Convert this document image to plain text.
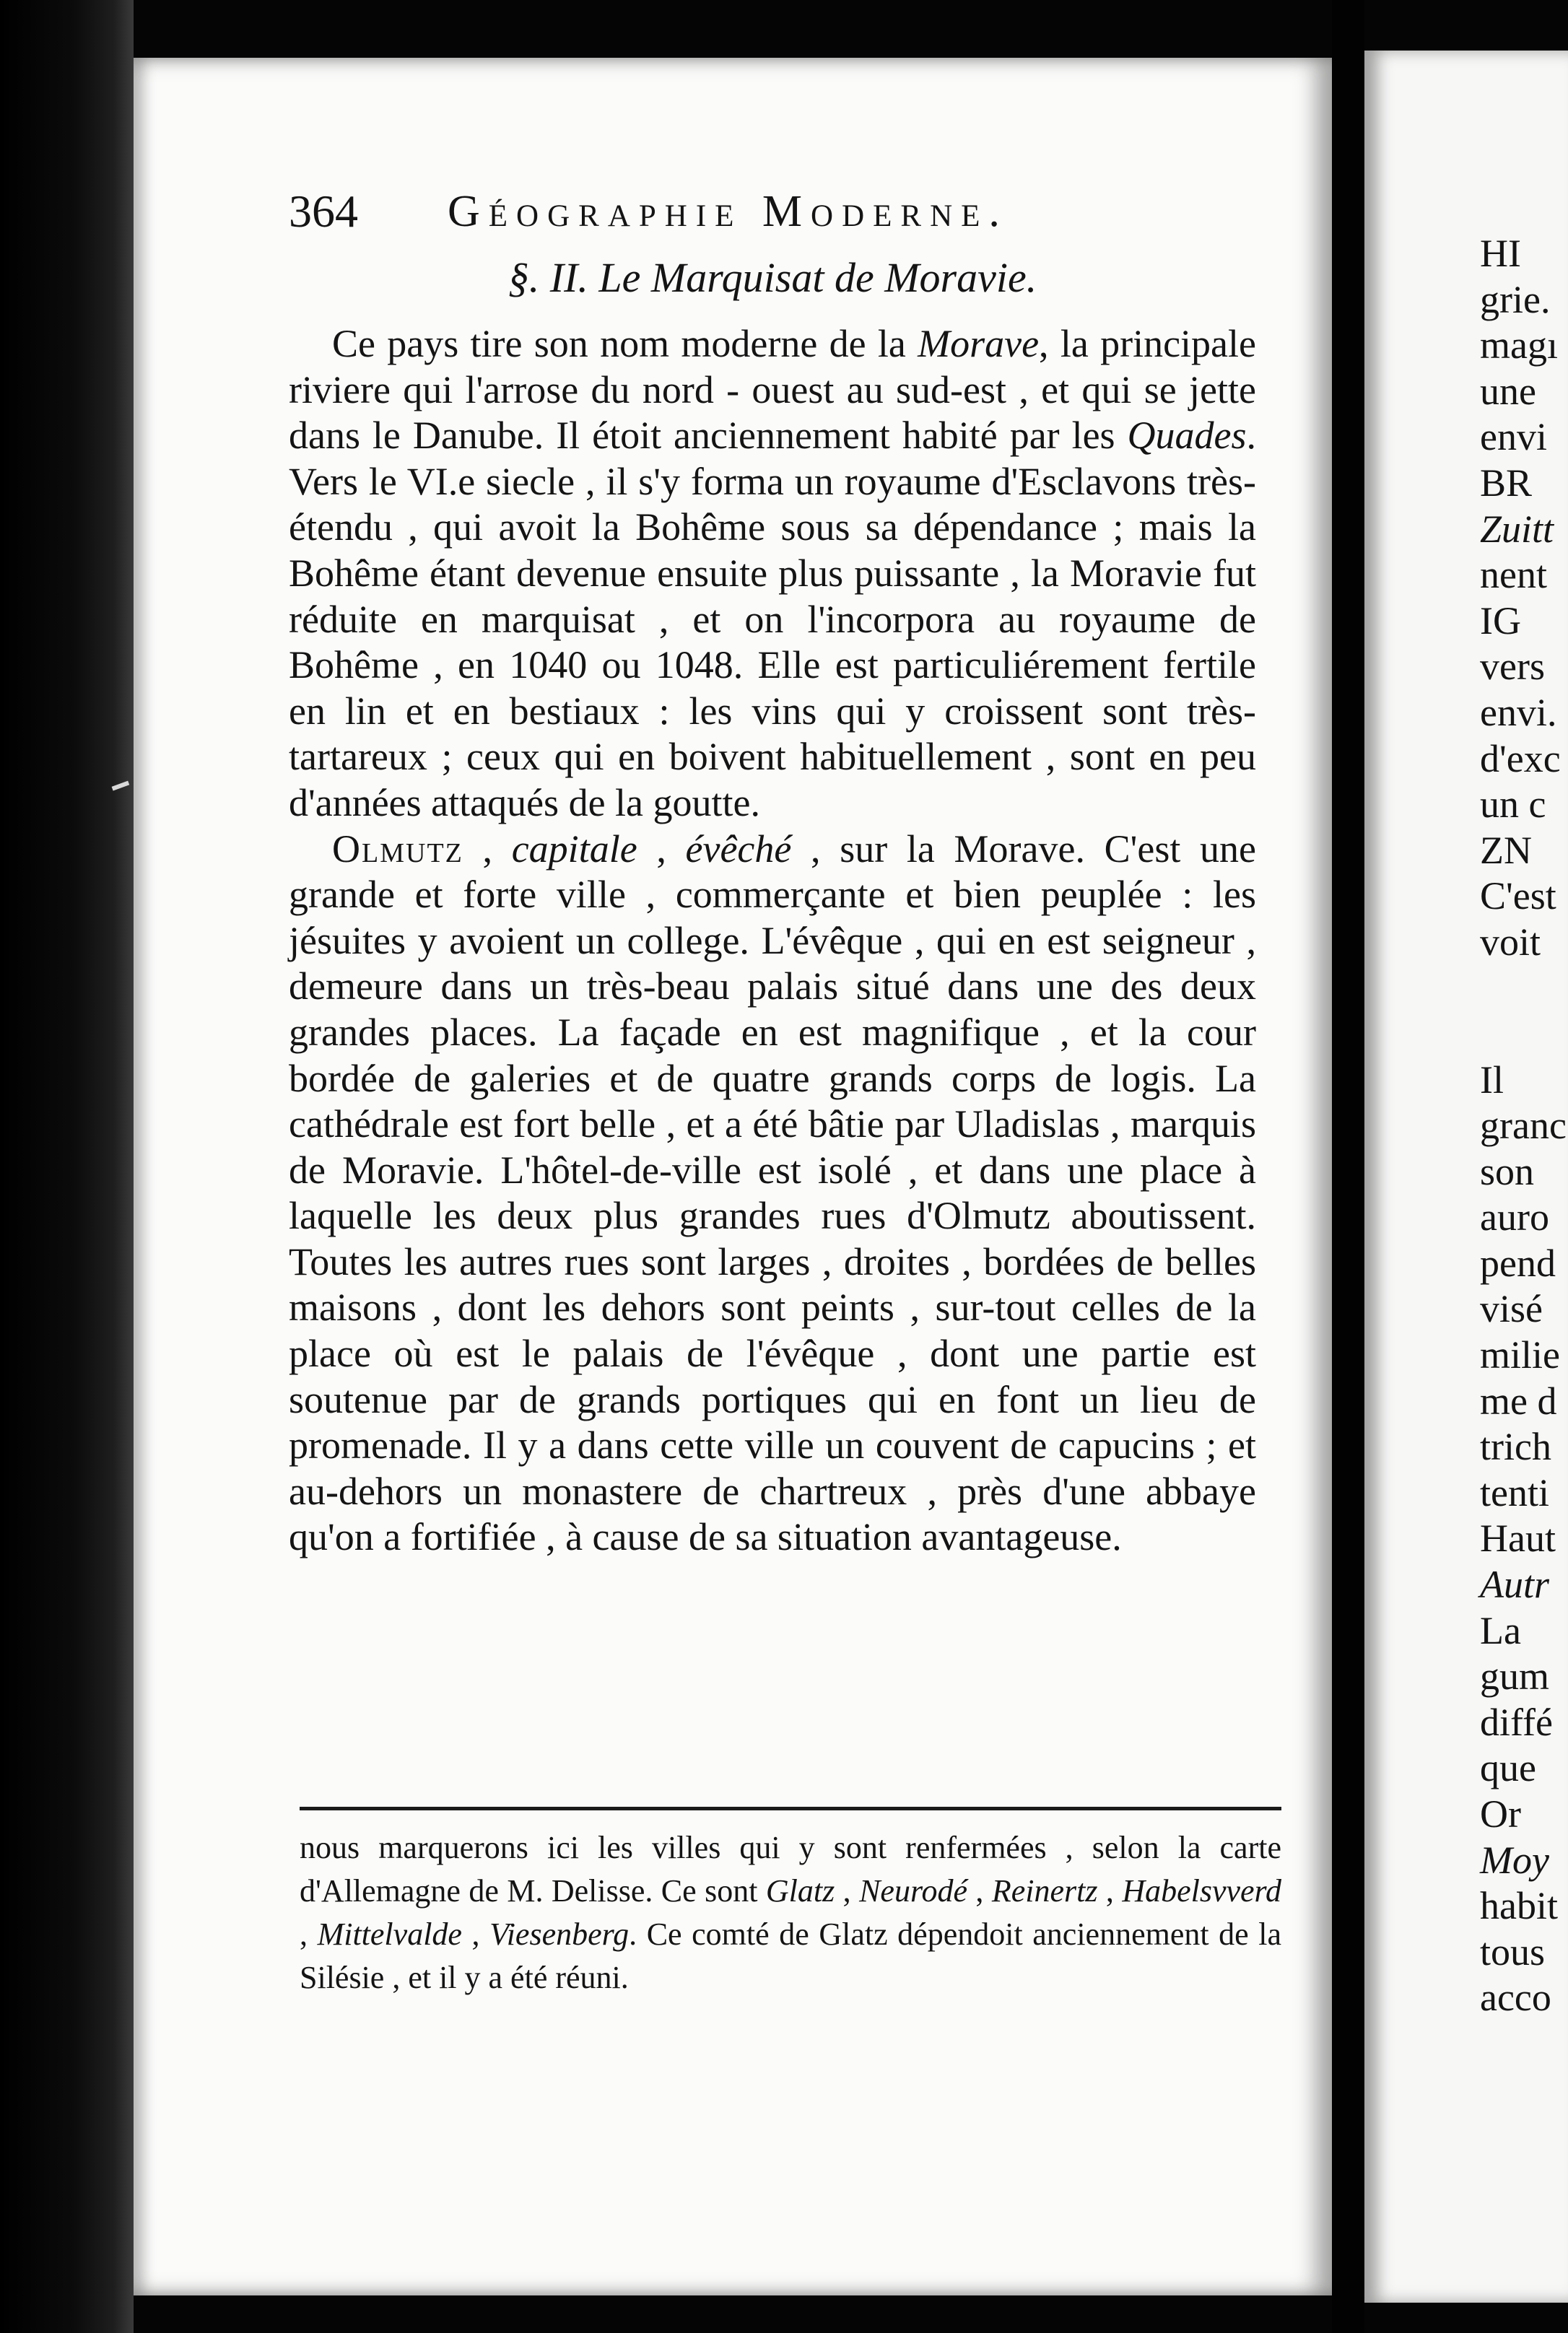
364 Géographie Moderne.
§. II. Le Marquisat de Moravie.

Ce pays tire son nom moderne de la Morave, la principale riviere qui l'arrose du nord - ouest au sud-est , et qui se jette dans le Danube. Il étoit anciennement habité par les Quades. Vers le VI.e siecle , il s'y forma un royaume d'Esclavons très-étendu , qui avoit la Bohême sous sa dépendance ; mais la Bohême étant devenue ensuite plus puissante , la Moravie fut réduite en marquisat , et on l'incorpora au royaume de Bohême , en 1040 ou 1048. Elle est particuliérement fertile en lin et en bestiaux : les vins qui y croissent sont très-tartareux ; ceux qui en boivent habituellement , sont en peu d'années attaqués de la goutte.

Olmutz , capitale , évêché , sur la Morave. C'est une grande et forte ville , commerçante et bien peuplée : les jésuites y avoient un college. L'évêque , qui en est seigneur , demeure dans un très-beau palais situé dans une des deux grandes places. La façade en est magnifique , et la cour bordée de galeries et de quatre grands corps de logis. La cathédrale est fort belle , et a été bâtie par Uladislas , marquis de Moravie. L'hôtel-de-ville est isolé , et dans une place à laquelle les deux plus grandes rues d'Olmutz aboutissent. Toutes les autres rues sont larges , droites , bordées de belles maisons , dont les dehors sont peints , sur-tout celles de la place où est le palais de l'évêque , dont une partie est soutenue par de grands portiques qui en font un lieu de promenade. Il y a dans cette ville un couvent de capucins ; et au-dehors un monastere de chartreux , près d'une abbaye qu'on a fortifiée , à cause de sa situation avantageuse.

nous marquerons ici les villes qui y sont renfermées , selon la carte d'Allemagne de M. Delisse. Ce sont Glatz , Neurodé , Reinertz , Habelsvverd , Mittelvalde , Viesenberg. Ce comté de Glatz dépendoit anciennement de la Silésie , et il y a été réuni.

HI
grie.
magı
une
envi
BR
Zuitt
nent
IG
vers
envi.
d'exc
un c
ZN
C'est
voit
Il
granc
son
auro
pend
visé
milie
me d
trich
tenti
Haut
Autr
La
gum
diffé
que
Or
Moy
habit
tous
acco
